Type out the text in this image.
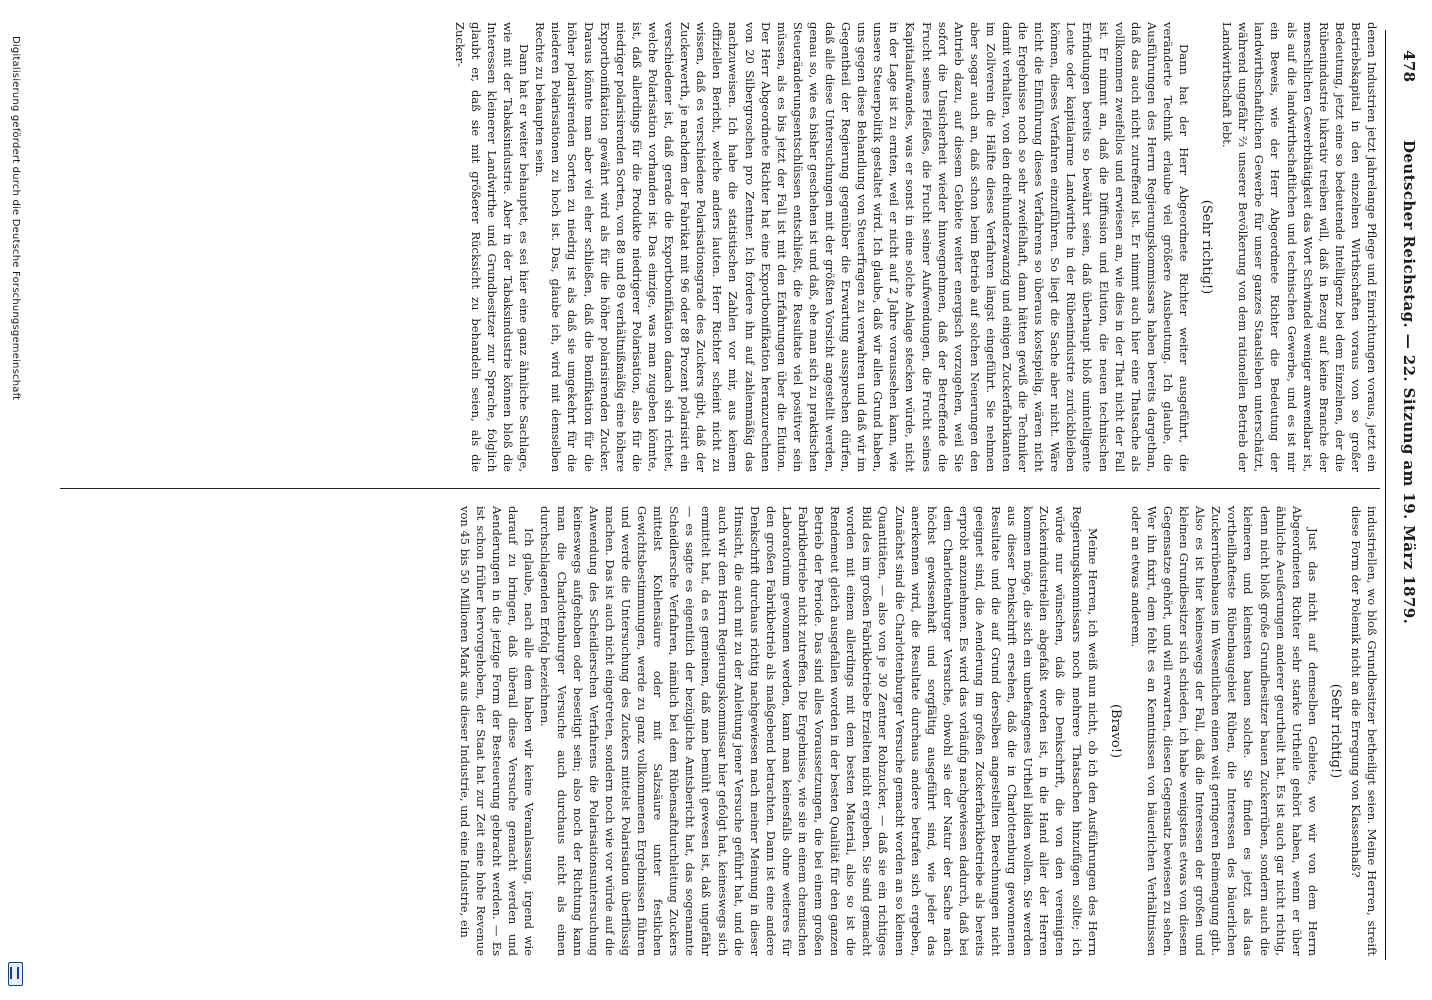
478
Deutscher Reichstag. — 22. Sitzung am 19. März 1879.

denen Industrien jetzt jahrelange Pflege und Einrichtungen voraus, jetzt ein Betriebskapital in den einzelnen Wirthschaften voraus von so großer Bedeutung, jetzt eine so bedeutende Intelligenz bei dem Einzelnen, der die Rübenindustrie lukrativ treiben will, daß in Bezug auf keine Branche der menschlichen Gewerbthätigkeit das Wort Schwindel weniger anwendbar ist, als auf die landwirthschaftlichen und technischen Gewerbe, und es ist mir ein Beweis, wie der Herr Abgeordnete Richter die Bedeutung der landwirthschaftlichen Gewerbe für unser ganzes Staatsleben unterschätzt, während ungefähr ⅔ unserer Bevölkerung von dem rationellen Betrieb der Landwirthschaft lebt.

(Sehr richtig!)

Dann hat der Herr Abgeordnete Richter weiter ausgeführt, die veränderte Technik erlaube viel größere Ausbeutung. Ich glaube, die Ausführungen des Herrn Regierungskommissars haben bereits dargethan, daß das auch nicht zutreffend ist. Er nimmt auch hier eine Thatsache als vollkommen zweifellos und erwiesen an, wie dies in der That nicht der Fall ist. Er nimmt an, daß die Diffusion und Elution, die neuen technischen Erfindungen bereits so bewährt seien, daß überhaupt bloß unintelligente Leute oder kapitalarme Landwirthe in der Rübenindustrie zurückbleiben können, dieses Verfahren einzuführen. So liegt die Sache aber nicht. Wäre nicht die Einführung dieses Verfahrens so überaus kostspielig, wären nicht die Ergebnisse noch so sehr zweifelhaft, dann hätten gewiß die Techniker damit verhalten, von den dreihunderzwanzig und einigen Zuckerfabrikanten im Zollverein die Hälfte dieses Verfahren längst eingeführt. Sie nehmen aber sogar auch an, daß schon beim Betrieb auf solchen Neuerungen den Antrieb dazu, auf diesem Gebiete weiter energisch vorzugehen, weil Sie sofort die Unsicherheit wieder hinwegnehmen, daß der Betreffende die Frucht seines Fleißes, die Frucht seiner Aufwendungen, die Frucht seines Kapitalaufwandes, was er sonst in eine solche Anlage stecken würde, nicht in der Lage ist zu ernten, weil er nicht auf 2 Jahre voraussehen kann, wie unsere Steuerpolitik gestaltet wird. Ich glaube, daß wir allen Grund haben, uns gegen diese Behandlung von Steuerfragen zu verwahren und daß wir im Gegentheil der Regierung gegenüber die Erwartung aussprechen dürfen, daß alle diese Untersuchungen mit der größten Vorsicht angestellt werden, genau so, wie es bisher geschehen ist und daß, ehe man sich zu praktischen Steueränderungsentschlüssen entschließt, die Resultate viel positiver sein müssen, als es bis jetzt der Fall ist mit den Erfahrungen über die Elution. Der Herr Abgeordnete Richter hat eine Exportbonifikation heranzurechnen von 20 Silbergroschen pro Zentner. Ich fordere ihn auf zahlenmäßig das nachzuweisen. Ich habe die statistischen Zahlen vor mir, aus keinem offiziellen Bericht, welche anders lauten. Herr Richter scheint nicht zu wissen, daß es verschiedene Polarisationsgrade des Zuckers gibt, daß der Zuckerwerth, je nachdem der Fabrikat mit 96 oder 88 Prozent polarisirt ein verschiedener ist, daß gerade die Exportbonifikation danach sich richtet, welche Polarisation vorhanden ist. Das einzige, was man zugeben könnte, ist, daß allerdings für die Produkte niedrigerer Polarisation, also für die niedriger polarisirenden Sorten, von 88 und 89 verhältnißmäßig eine höhere Exportbonifikation gewährt wird als für die höher polarisirenden Zucker. Daraus könnte man aber viel eher schließen, daß die Bonifikation für die höher polarisirenden Sorten zu niedrig ist als daß sie umgekehrt für die niederen Polarisationen zu hoch ist. Das, glaube ich, wird mit demselben Rechte zu behaupten sein.

Dann hat er weiter behauptet, es sei hier eine ganz ähnliche Sachlage, wie mit der Tabaksindustrie. Aber in der Tabaksindustrie können bloß die Interessen kleinerer Landwirthe und Grundbesitzer zur Sprache, folglich glaubt er, daß sie mit größerer Rücksicht zu behandeln seien, als die Zucker-

industriellen, wo bloß Grundbesitzer betheiligt seien. Meine Herren, streift diese Form der Polemik nicht an die Erregung von Klassenhaß?

(Sehr richtig!)

Just das nicht auf demselben Gebiete, wo wir von dem Herrn Abgeordneten Richter sehr starke Urtheile gehört haben, wenn er über ähnliche Aeußerungen anderer geurtheilt hat. Es ist auch gar nicht richtig, denn nicht bloß große Grundbesitzer bauen Zuckerrüben, sondern auch die kleineren und kleinsten bauen solche. Sie finden es jetzt als das vortheilhafteste Rübenbaugebiet Rüben, die Interessen des bäuerlichen Zuckerrübenbaues im Wesentlichen einen weit geringeren Beimengung gibt. Also es ist hier keineswegs der Fall, daß die Interessen der großen und kleinen Grundbesitzer sich schieden, ich habe wenigstens etwas von diesem Gegensatze gehört, und will erwarten, diesen Gegensatz bewiesen zu sehen. Wer ihn fixirt, dem fehlt es an Kenntnissen von bäuerlichen Verhältnissen oder an etwas anderem.

(Bravo!)

Meine Herren, ich weiß nun nicht, ob ich den Ausführungen des Herrn Regierungskommissars noch mehrere Thatsachen hinzufügen sollte; ich würde nur wünschen, daß die Denkschrift, die von den vereinigten Zuckerindustriellen abgefaßt worden ist, in die Hand aller der Herren kommen möge, die sich ein unbefangenes Urtheil bilden wollen. Sie werden aus dieser Denkschrift ersehen, daß die in Charlottenburg gewonnenen Resultate und die auf Grund derselben angestellten Berechnungen nicht geeignet sind, die Aenderung im großen Zuckerfabrikbetriebe als bereits erprobt anzunehmen. Es wird das vorläufig nachgewiesen dadurch, daß bei dem Charlottenburger Versuche, obwohl sie der Natur der Sache nach höchst gewissenhaft und sorgfältig ausgeführt sind, wie jeder das anerkennen wird, die Resultate durchaus andere betrafen sich ergeben, Zunächst sind die Charlottenburger Versuche gemacht worden an so kleinen Quantitäten, — also von je 30 Zentner Rohzucker, — daß sie ein richtiges Bild des im großen Fabrikbetriebe Erzielten nicht ergeben. Sie sind gemacht worden mit einem allerdings mit dem besten Material, also so ist die Rendemeut gleich ausgefallen worden in der besten Qualität für den ganzen Betrieb der Periode. Das sind alles Voraussetzungen, die bei einem großen Fabrikbetriebe nicht zutreffen. Die Ergebnisse, wie sie in einem chemischen Laboratorium gewonnen werden, kann man keinesfalls ohne weiteres für den großen Fabrikbetrieb als maßgebend betrachten. Dann ist eine andere Denkschrift durchaus richtig nachgewiesen nach meiner Meinung in dieser Hinsicht, die auch mit zu der Anleitung jener Versuche geführt hat, und die auch wir dem Herrn Regierungskommissar hier gefolgt hat, keineswegs sich ermittelt hat, da es gemeinen, daß man bemüht gewesen ist, daß ungefähr — es sagte es eigentlich der bezügliche Amtsbericht hat, das sogenannte Scheidlersche Verfahren, nämlich bei dem Rübensaftdurchleitung Zuckers mittelst Kohlensäure oder mit Salzsäure unter festlichen Gewichtsbestimmungen, werde zu ganz vollkommenen Ergebnissen führen und werde die Untersuchung des Zuckers mittelst Polarisation überflüssig machen. Das ist auch nicht eingetreten, sondern noch wie vor würde auf die Anwendung des Scheidlerschen Verfahrens die Polarisationsuntersuchung keineswegs aufgehoben oder beseitigt sein; also noch der Richtung kann man die Charlottenburger Versuche auch durchaus nicht als einen durchschlagenden Erfolg bezeichnen.

Ich glaube, nach alle dem haben wir keine Veranlassung, irgend wie darauf zu bringen, daß überall diese Versuche gemacht werden und Aenderungen in die jetzige Form der Besteuerung gebracht werden. — Es ist schon früher hervorgehoben, der Staat hat zur Zeit eine hohe Revenue von 45 bis 50 Millionen Mark aus dieser Industrie, und eine Industrie, ein

Digitalisierung gefördert durch die Deutsche Forschungsgemeinschaft
